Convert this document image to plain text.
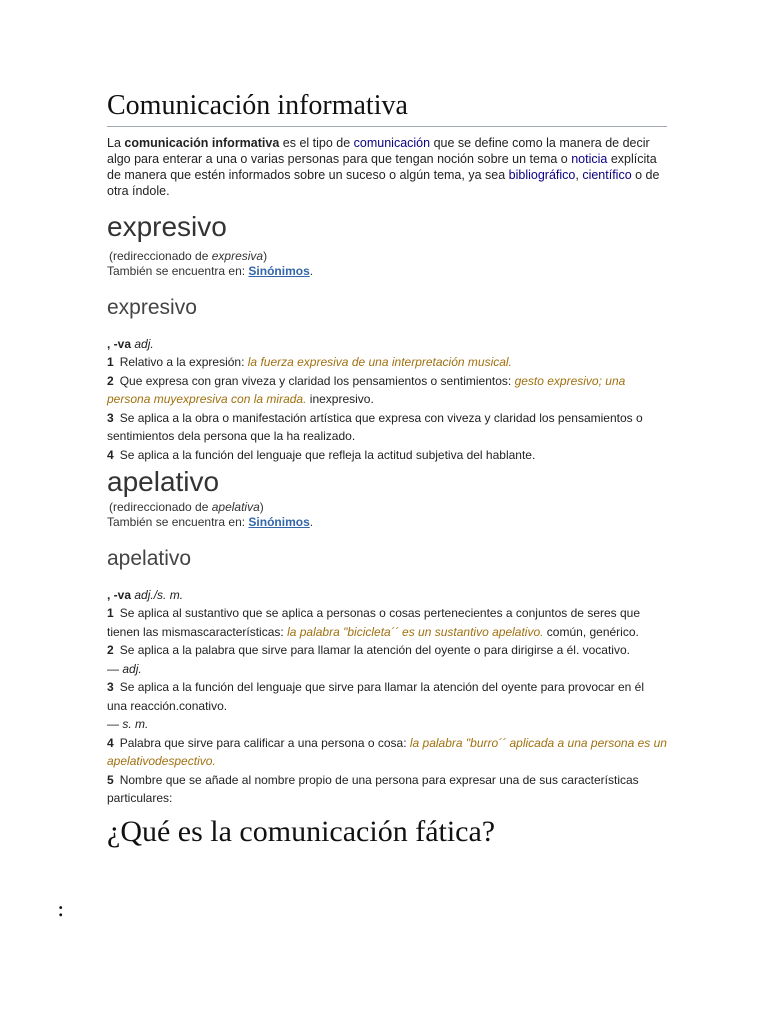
Comunicación informativa

La comunicación informativa es el tipo de comunicación que se define como la manera de decir algo para enterar a una o varias personas para que tengan noción sobre un tema o noticia explícita de manera que estén informados sobre un suceso o algún tema, ya sea bibliográfico, científico o de otra índole.

expresivo
(redireccionado de expresiva)
También se encuentra en: Sinónimos.
expresivo
, -va adj.

1 Relativo a la expresión: la fuerza expresiva de una interpretación musical.

2 Que expresa con gran viveza y claridad los pensamientos o sentimientos: gesto expresivo; una persona muyexpresiva con la mirada. inexpresivo.

3 Se aplica a la obra o manifestación artística que expresa con viveza y claridad los pensamientos o sentimientos dela persona que la ha realizado.

4 Se aplica a la función del lenguaje que refleja la actitud subjetiva del hablante.

apelativo
(redireccionado de apelativa)
También se encuentra en: Sinónimos.
apelativo
, -va adj./s. m.

1 Se aplica al sustantivo que se aplica a personas o cosas pertenecientes a conjuntos de seres que tienen las mismascaracterísticas: la palabra "bicicleta´´ es un sustantivo apelativo. común, genérico.

2 Se aplica a la palabra que sirve para llamar la atención del oyente o para dirigirse a él. vocativo.

— adj.

3 Se aplica a la función del lenguaje que sirve para llamar la atención del oyente para provocar en él una reacción.conativo.

— s. m.

4 Palabra que sirve para calificar a una persona o cosa: la palabra "burro´´ aplicada a una persona es un apelativodespectivo.

5 Nombre que se añade al nombre propio de una persona para expresar una de sus características particulares:

¿Qué es la comunicación fática?
:
